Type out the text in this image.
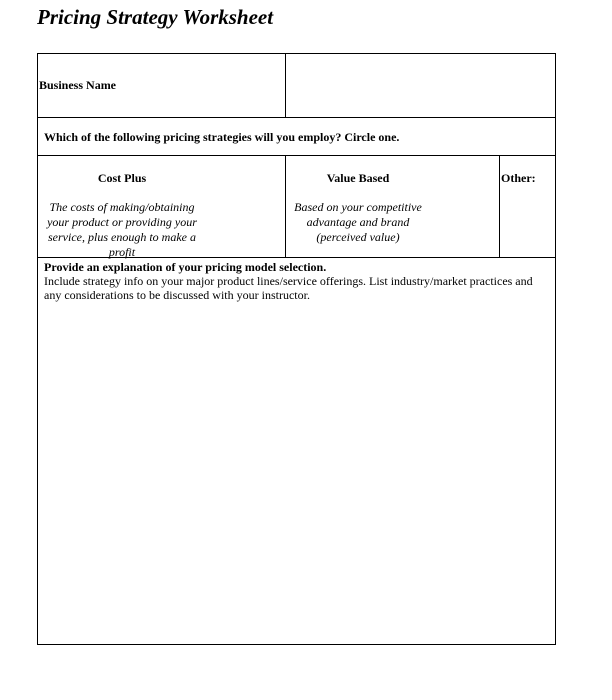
Pricing Strategy Worksheet
Business Name
Which of the following pricing strategies will you employ? Circle one.
Cost Plus
The costs of making/obtaining
your product or providing your
service, plus enough to make a
profit
Value Based
Based on your competitive
advantage and brand
(perceived value)
Other:
Provide an explanation of your pricing model selection.
Include strategy info on your major product lines/service offerings. List industry/market practices and any considerations to be discussed with your instructor.
